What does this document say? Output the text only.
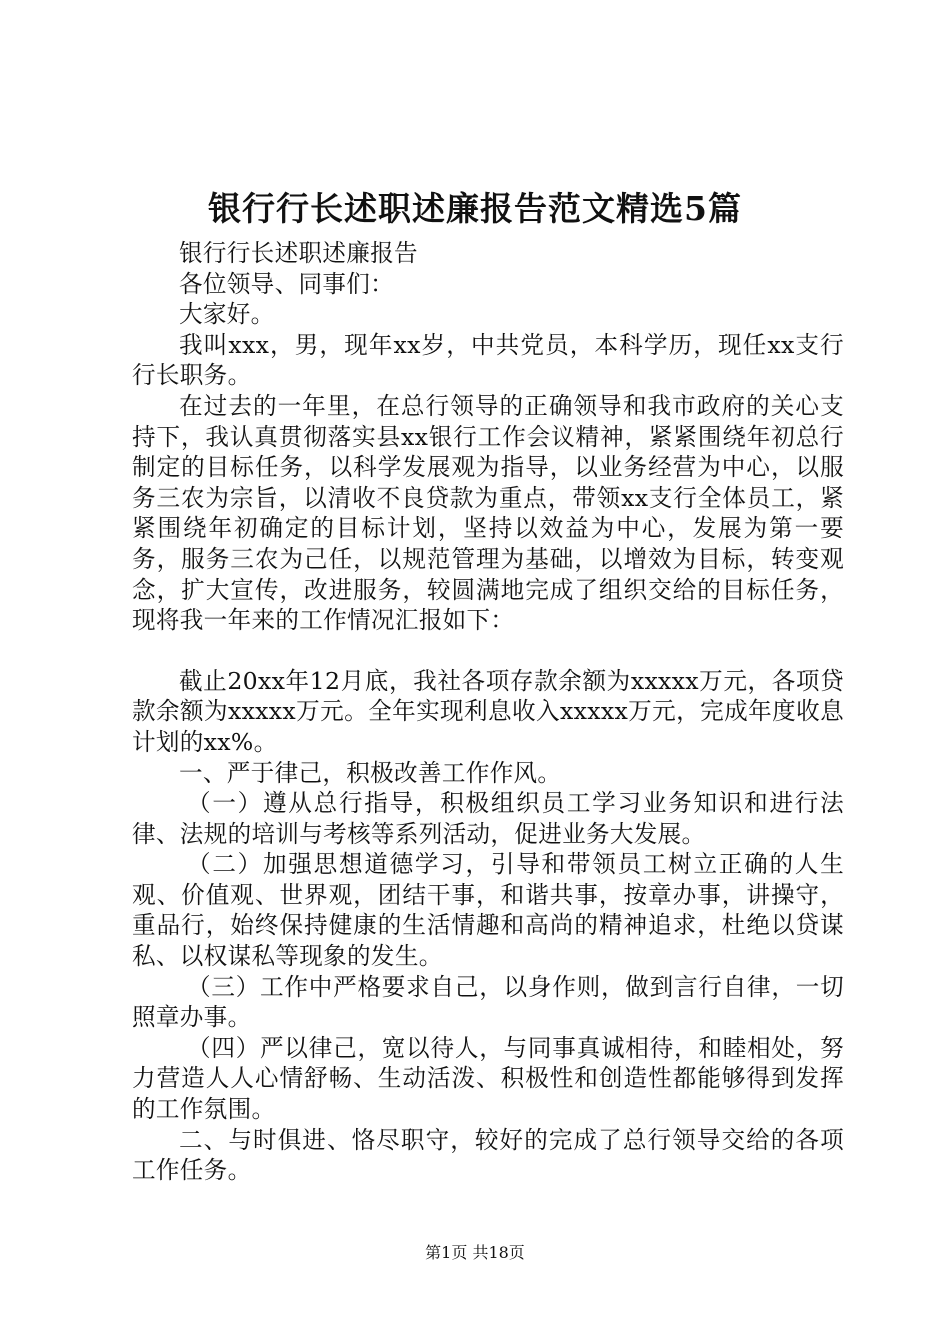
银行行长述职述廉报告范文精选5篇

银行行长述职述廉报告

各位领导、同事们：

大家好。

我叫xxx，男，现年xx岁，中共党员，本科学历，现任xx支行行长职务。

在过去的一年里，在总行领导的正确领导和我市政府的关心支持下，我认真贯彻落实县xx银行工作会议精神，紧紧围绕年初总行制定的目标任务，以科学发展观为指导，以业务经营为中心，以服务三农为宗旨，以清收不良贷款为重点，带领xx支行全体员工，紧紧围绕年初确定的目标计划，坚持以效益为中心，发展为第一要务，服务三农为己任，以规范管理为基础，以增效为目标，转变观念，扩大宣传，改进服务，较圆满地完成了组织交给的目标任务，现将我一年来的工作情况汇报如下：

截止20xx年12月底，我社各项存款余额为xxxxx万元，各项贷款余额为xxxxx万元。全年实现利息收入xxxxx万元，完成年度收息计划的xx%。

一、严于律己，积极改善工作作风。

（一）遵从总行指导，积极组织员工学习业务知识和进行法律、法规的培训与考核等系列活动，促进业务大发展。

（二）加强思想道德学习，引导和带领员工树立正确的人生观、价值观、世界观，团结干事，和谐共事，按章办事，讲操守，重品行，始终保持健康的生活情趣和高尚的精神追求，杜绝以贷谋私、以权谋私等现象的发生。

（三）工作中严格要求自己，以身作则，做到言行自律，一切照章办事。

（四）严以律己，宽以待人，与同事真诚相待，和睦相处，努力营造人人心情舒畅、生动活泼、积极性和创造性都能够得到发挥的工作氛围。

二、与时俱进、恪尽职守，较好的完成了总行领导交给的各项工作任务。

第1页 共18页
